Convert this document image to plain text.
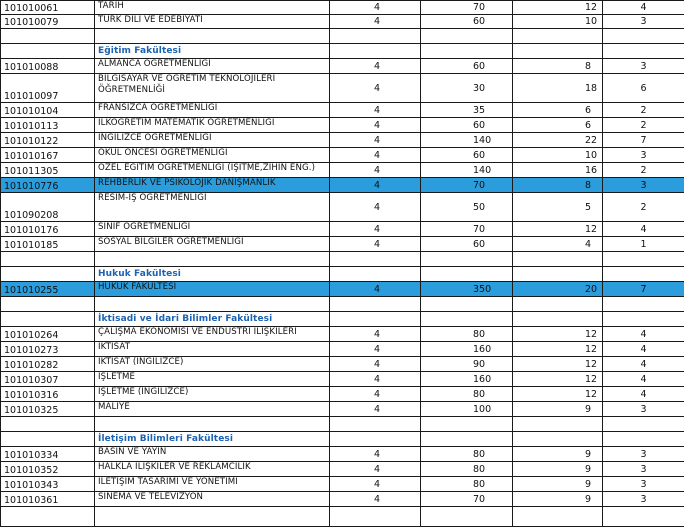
101010061	TARİH	4	70	12	4
101010079	TÜRK DİLİ VE EDEBİYATI	4	60	10	3

	Eğitim Fakültesi				
101010088	ALMANCA ÖĞRETMENLİĞİ	4	60	8	3
101010097	BİLGİSAYAR VE ÖĞRETİM TEKNOLOJİLERİ ÖĞRETMENLİĞİ	4	30	18	6
101010104	FRANSIZCA ÖĞRETMENLİĞİ	4	35	6	2
101010113	İLKÖĞRETİM MATEMATİK ÖĞRETMENLİĞİ	4	60	6	2
101010122	İNGİLİZCE ÖĞRETMENLİĞİ	4	140	22	7
101010167	OKUL ÖNCESİ ÖĞRETMENLİĞİ	4	60	10	3
101011305	ÖZEL EĞİTİM ÖĞRETMENLİĞİ (İŞİTME,ZİHİN ENG.)	4	140	16	2
101010776	REHBERLİK VE PSİKOLOJİK DANIŞMANLIK	4	70	8	3
101090208	RESİM-İŞ ÖĞRETMENLİĞİ	4	50	5	2
101010176	SINIF ÖĞRETMENLİĞİ	4	70	12	4
101010185	SOSYAL BİLGİLER ÖĞRETMENLİĞİ	4	60	4	1

	Hukuk Fakültesi				
101010255	HUKUK FAKÜLTESİ	4	350	20	7

	İktisadi ve İdari Bilimler Fakültesi				
101010264	ÇALIŞMA EKONOMİSİ VE ENDÜSTRİ İLİŞKİLERİ	4	80	12	4
101010273	İKTİSAT	4	160	12	4
101010282	İKTİSAT (İNGİLİZCE)	4	90	12	4
101010307	İŞLETME	4	160	12	4
101010316	İŞLETME (İNGİLİZCE)	4	80	12	4
101010325	MALİYE	4	100	9	3

	İletişim Bilimleri Fakültesi				
101010334	BASIN VE YAYIN	4	80	9	3
101010352	HALKLA İLİŞKİLER VE REKLAMCILIK	4	80	9	3
101010343	İLETİŞİM TASARIMI VE YÖNETİMİ	4	80	9	3
101010361	SİNEMA VE TELEVİZYON	4	70	9	3
